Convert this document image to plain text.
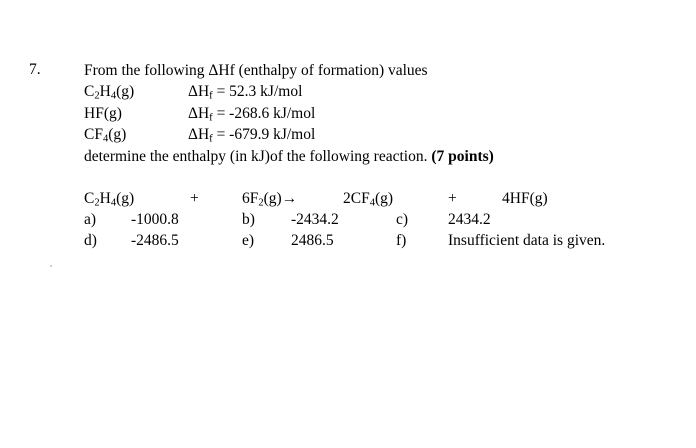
7.	From the following ΔHf (enthalpy of formation) values
$C_2H_4(g)$	$\Delta H_f = 52.3$ kJ/mol
HF(g)	$\Delta H_f = -268.6$ kJ/mol
$CF_4(g)$	$\Delta H_f = -679.9$ kJ/mol
determine the enthalpy (in kJ)of the following reaction. (7 points)
$C_2H_4(g)$	+	$6F_2(g)\to$	$2CF_4(g)$	+	4HF(g)
a) -1000.8	b) -2434.2	c)	2434.2
d) -2486.5	e) 2486.5	f)	Insufficient data is given.
